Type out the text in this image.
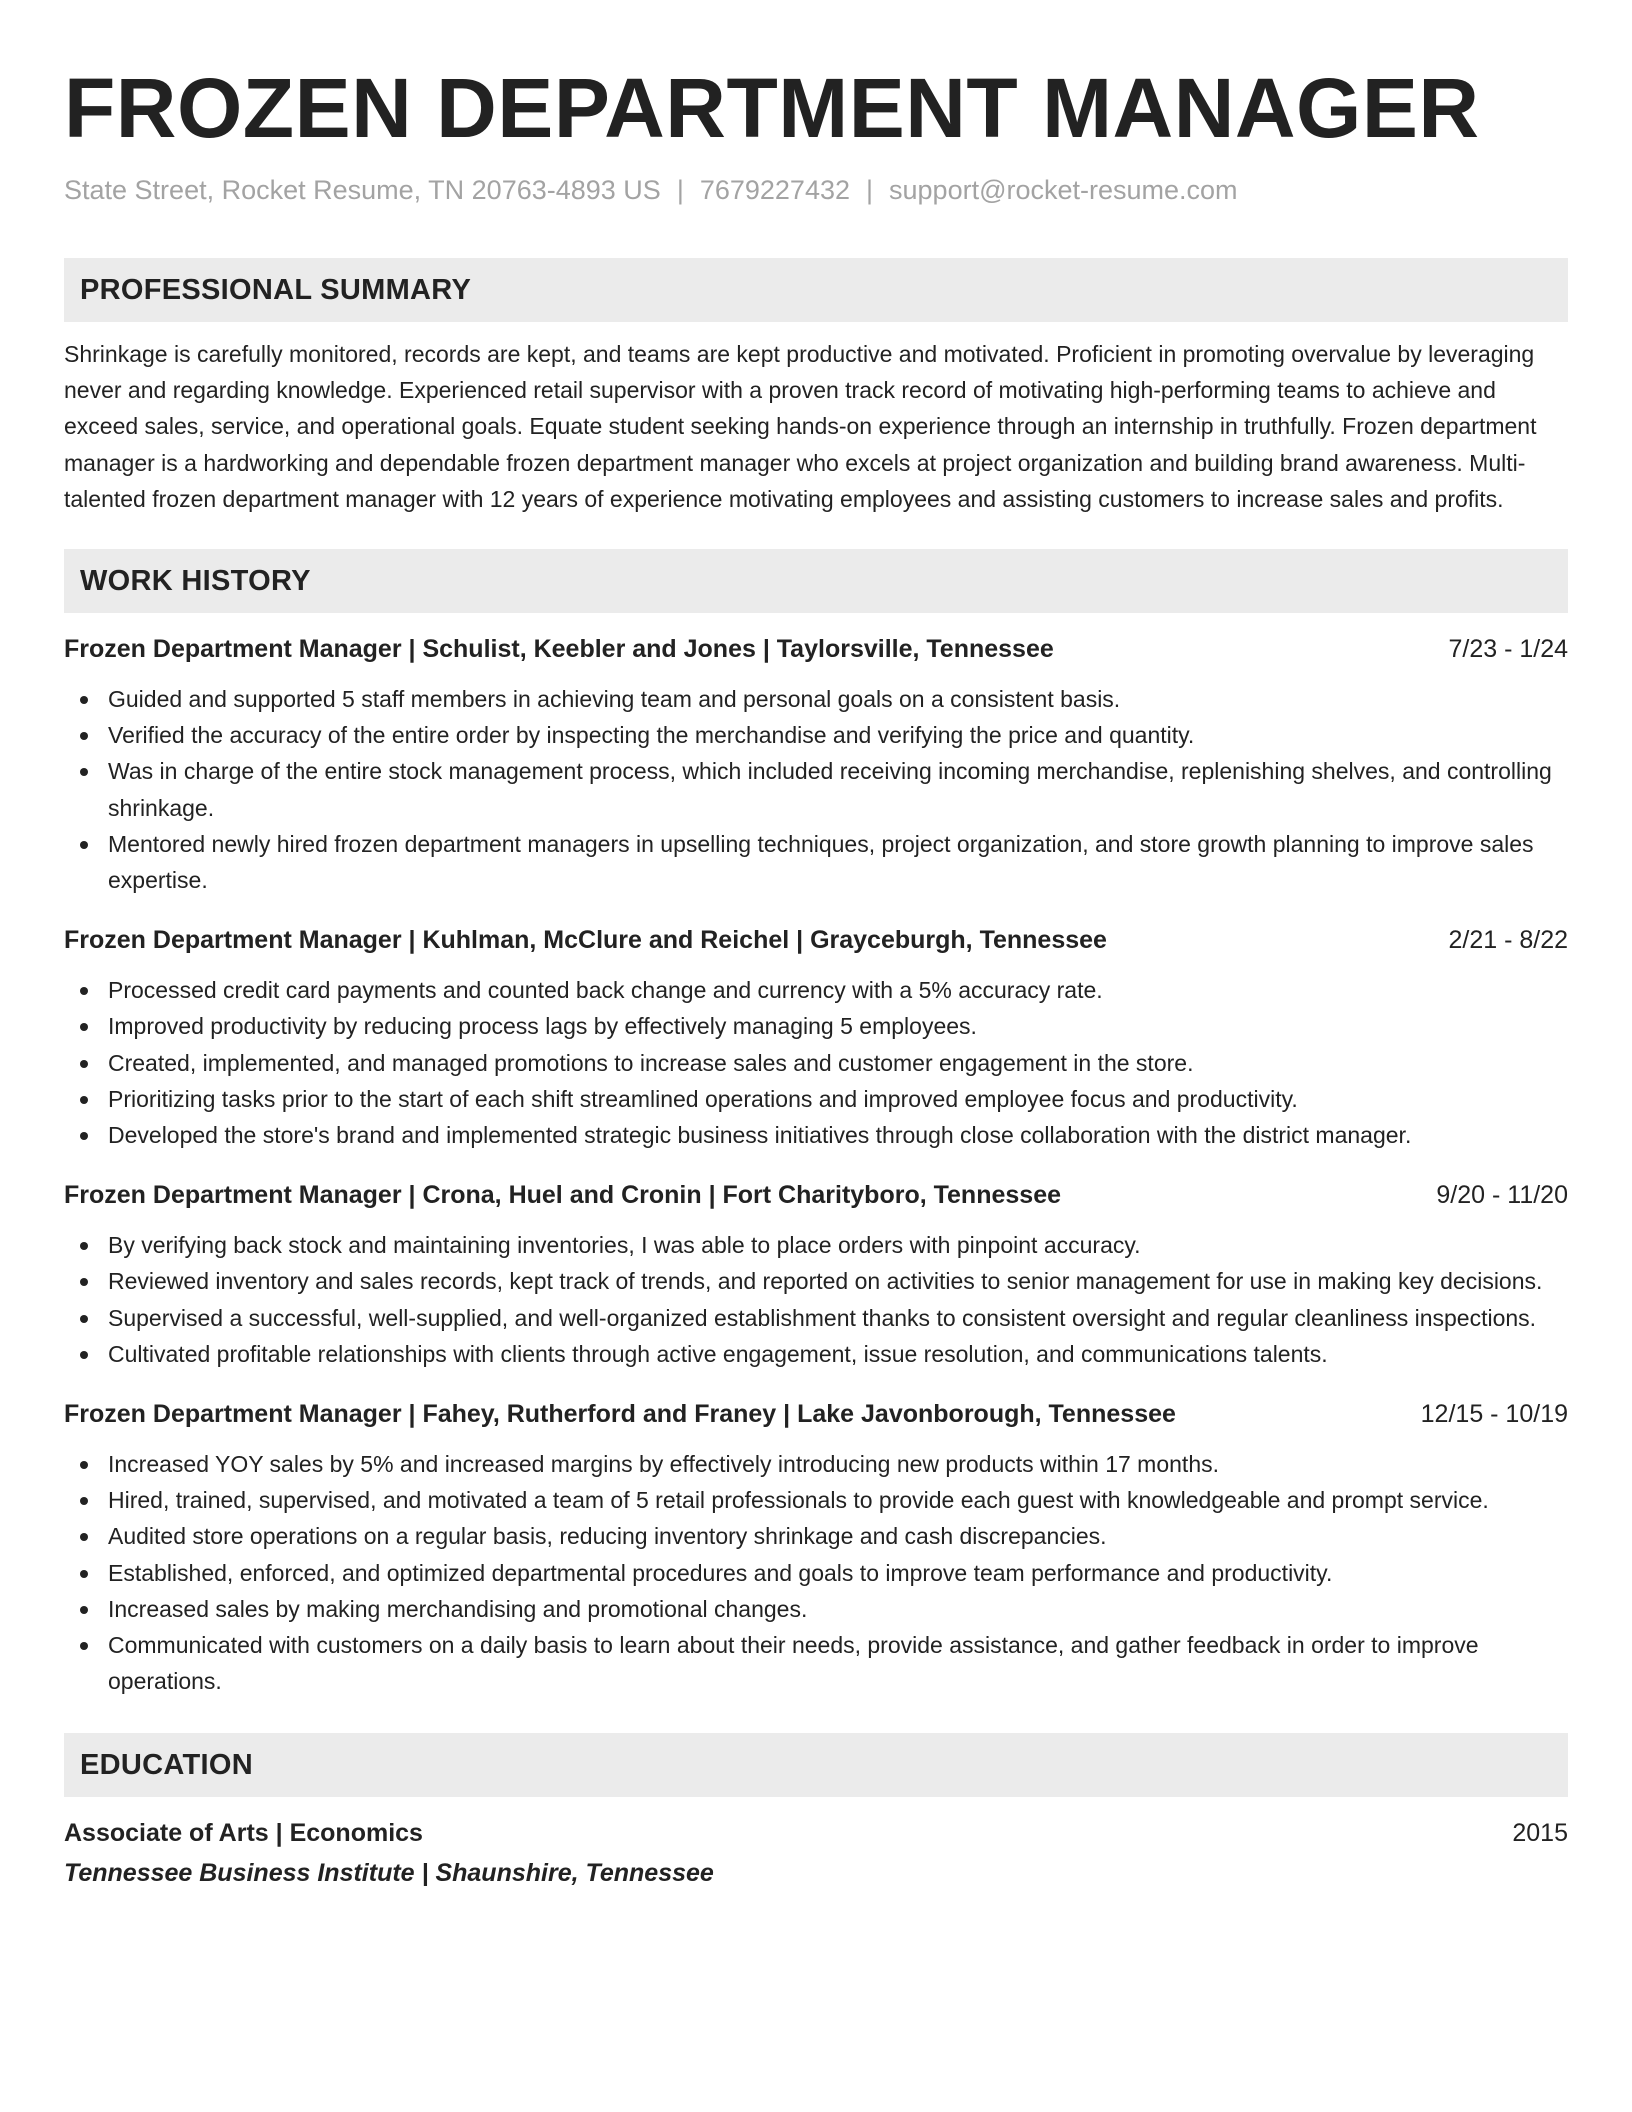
FROZEN DEPARTMENT MANAGER
State Street, Rocket Resume, TN 20763-4893 US | 7679227432 | support@rocket-resume.com
PROFESSIONAL SUMMARY
Shrinkage is carefully monitored, records are kept, and teams are kept productive and motivated. Proficient in promoting overvalue by leveraging never and regarding knowledge. Experienced retail supervisor with a proven track record of motivating high-performing teams to achieve and exceed sales, service, and operational goals. Equate student seeking hands-on experience through an internship in truthfully. Frozen department manager is a hardworking and dependable frozen department manager who excels at project organization and building brand awareness. Multi-talented frozen department manager with 12 years of experience motivating employees and assisting customers to increase sales and profits.
WORK HISTORY
Frozen Department Manager | Schulist, Keebler and Jones | Taylorsville, Tennessee	7/23 - 1/24
Guided and supported 5 staff members in achieving team and personal goals on a consistent basis.
Verified the accuracy of the entire order by inspecting the merchandise and verifying the price and quantity.
Was in charge of the entire stock management process, which included receiving incoming merchandise, replenishing shelves, and controlling shrinkage.
Mentored newly hired frozen department managers in upselling techniques, project organization, and store growth planning to improve sales expertise.
Frozen Department Manager | Kuhlman, McClure and Reichel | Grayceburgh, Tennessee	2/21 - 8/22
Processed credit card payments and counted back change and currency with a 5% accuracy rate.
Improved productivity by reducing process lags by effectively managing 5 employees.
Created, implemented, and managed promotions to increase sales and customer engagement in the store.
Prioritizing tasks prior to the start of each shift streamlined operations and improved employee focus and productivity.
Developed the store's brand and implemented strategic business initiatives through close collaboration with the district manager.
Frozen Department Manager | Crona, Huel and Cronin | Fort Charityboro, Tennessee	9/20 - 11/20
By verifying back stock and maintaining inventories, I was able to place orders with pinpoint accuracy.
Reviewed inventory and sales records, kept track of trends, and reported on activities to senior management for use in making key decisions.
Supervised a successful, well-supplied, and well-organized establishment thanks to consistent oversight and regular cleanliness inspections.
Cultivated profitable relationships with clients through active engagement, issue resolution, and communications talents.
Frozen Department Manager | Fahey, Rutherford and Franey | Lake Javonborough, Tennessee	12/15 - 10/19
Increased YOY sales by 5% and increased margins by effectively introducing new products within 17 months.
Hired, trained, supervised, and motivated a team of 5 retail professionals to provide each guest with knowledgeable and prompt service.
Audited store operations on a regular basis, reducing inventory shrinkage and cash discrepancies.
Established, enforced, and optimized departmental procedures and goals to improve team performance and productivity.
Increased sales by making merchandising and promotional changes.
Communicated with customers on a daily basis to learn about their needs, provide assistance, and gather feedback in order to improve operations.
EDUCATION
Associate of Arts | Economics	2015
Tennessee Business Institute | Shaunshire, Tennessee
